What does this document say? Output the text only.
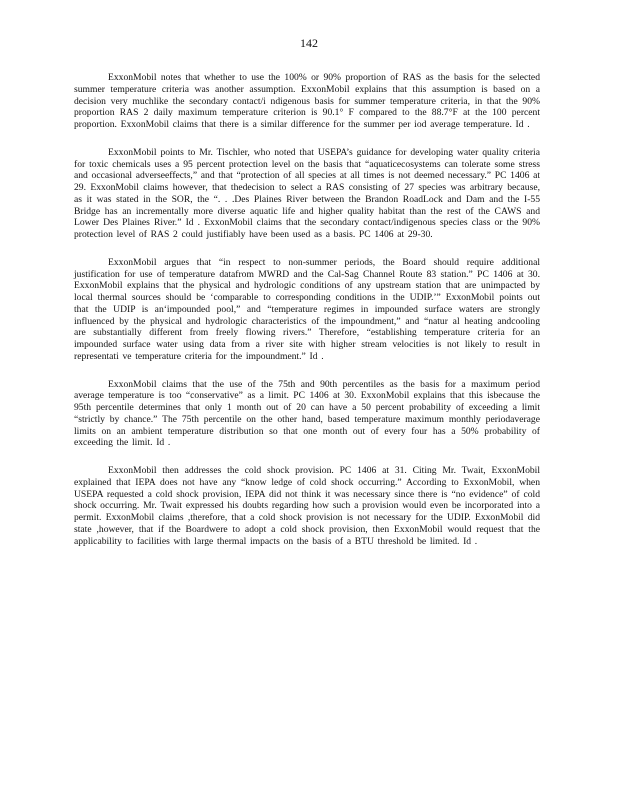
142

ExxonMobil notes that whether to use the 100% or 90% proportion of RAS as the basis for the selected summer temperature criteria was another assumption. ExxonMobil explains that this assumption is based on a decision very muchlike the secondary contact/i ndigenous basis for summer temperature criteria, in that the 90% proportion RAS 2 daily maximum temperature criterion is 90.1° F compared to the 88.7°F at the 100 percent proportion. ExxonMobil claims that there is a similar difference for the summer per iod average temperature. Id .

ExxonMobil points to Mr. Tischler, who noted that USEPA’s guidance for developing water quality criteria for toxic chemicals uses a 95 percent protection level on the basis that “aquaticecosystems can tolerate some stress and occasional adverseeffects,” and that “protection of all species at all times is not deemed necessary.” PC 1406 at 29. ExxonMobil claims however, that thedecision to select a RAS consisting of 27 species was arbitrary because, as it was stated in the SOR, the “. . .Des Plaines River between the Brandon RoadLock and Dam and the I-55 Bridge has an incrementally more diverse aquatic life and higher quality habitat than the rest of the CAWS and Lower Des Plaines River.” Id . ExxonMobil claims that the secondary contact/indigenous species class or the 90% protection level of RAS 2 could justifiably have been used as a basis. PC 1406 at 29-30.

ExxonMobil argues that “in respect to non-summer periods, the Board should require additional justification for use of temperature datafrom MWRD and the Cal-Sag Channel Route 83 station.” PC 1406 at 30. ExxonMobil explains that the physical and hydrologic conditions of any upstream station that are unimpacted by local thermal sources should be ‘comparable to corresponding conditions in the UDIP.’” ExxonMobil points out that the UDIP is an‘impounded pool,” and “temperature regimes in impounded surface waters are strongly influenced by the physical and hydrologic characteristics of the impoundment,” and “natur al heating andcooling are substantially different from freely flowing rivers.” Therefore, “establishing temperature criteria for an impounded surface water using data from a river site with higher stream velocities is not likely to result in representati ve temperature criteria for the impoundment.” Id .

ExxonMobil claims that the use of the 75th and 90th percentiles as the basis for a maximum period average temperature is too “conservative” as a limit. PC 1406 at 30. ExxonMobil explains that this isbecause the 95th percentile determines that only 1 month out of 20 can have a 50 percent probability of exceeding a limit “strictly by chance.” The 75th percentile on the other hand, based temperature maximum monthly periodaverage limits on an ambient temperature distribution so that one month out of every four has a 50% probability of exceeding the limit. Id .

ExxonMobil then addresses the cold shock provision. PC 1406 at 31. Citing Mr. Twait, ExxonMobil explained that IEPA does not have any “know ledge of cold shock occurring.” According to ExxonMobil, when USEPA requested a cold shock provision, IEPA did not think it was necessary since there is “no evidence” of cold shock occurring. Mr. Twait expressed his doubts regarding how such a provision would even be incorporated into a permit. ExxonMobil claims ,therefore, that a cold shock provision is not necessary for the UDIP. ExxonMobil did state ,however, that if the Boardwere to adopt a cold shock provision, then ExxonMobil would request that the applicability to facilities with large thermal impacts on the basis of a BTU threshold be limited. Id .
